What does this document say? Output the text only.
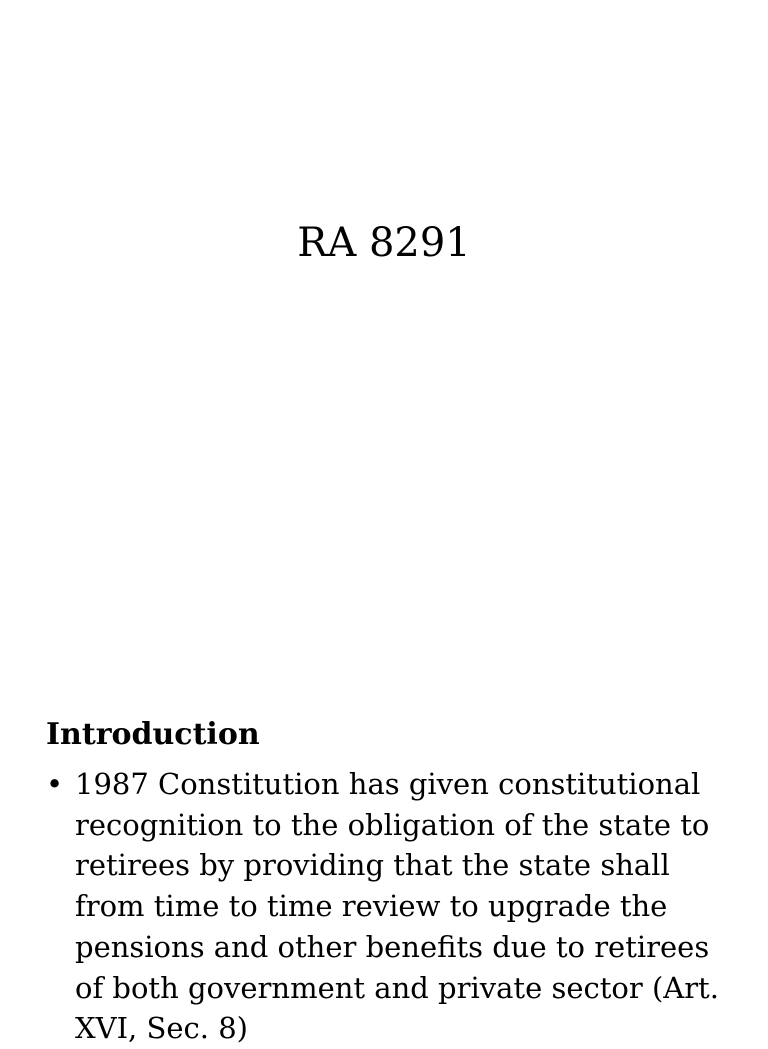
RA 8291
Introduction
• 1987 Constitution has given constitutional recognition to the obligation of the state to retirees by providing that the state shall from time to time review to upgrade the pensions and other benefits due to retirees of both government and private sector (Art. XVI, Sec. 8)
